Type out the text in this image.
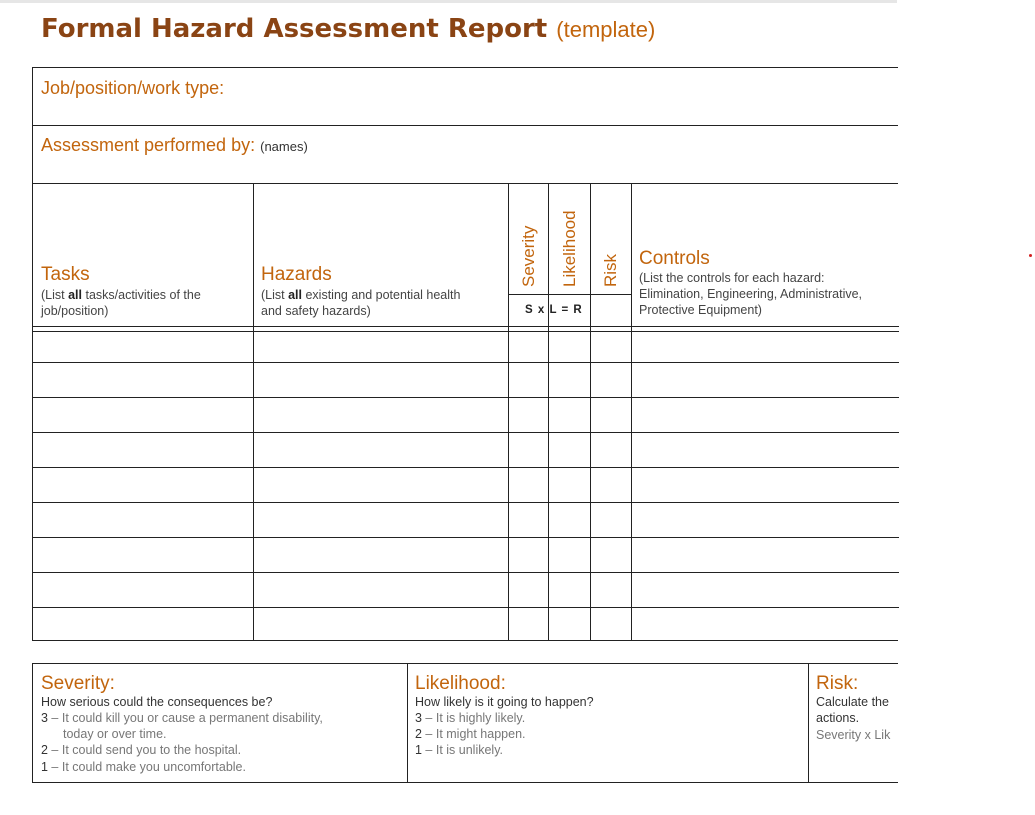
Formal Hazard Assessment Report (template)
Job/position/work type:
Assessment performed by: (names)
Tasks
(List all tasks/activities of the
job/position)
Hazards
(List all existing and potential health
and safety hazards)
Severity Likelihood Risk
S x L = R
Controls
(List the controls for each hazard:
Elimination, Engineering, Administrative,
Protective Equipment)
Severity:
How serious could the consequences be?
3 – It could kill you or cause a permanent disability,
today or over time.
2 – It could send you to the hospital.
1 – It could make you uncomfortable.
Likelihood:
How likely is it going to happen?
3 – It is highly likely.
2 – It might happen.
1 – It is unlikely.
Risk:
Calculate the
actions.
Severity x Lik
